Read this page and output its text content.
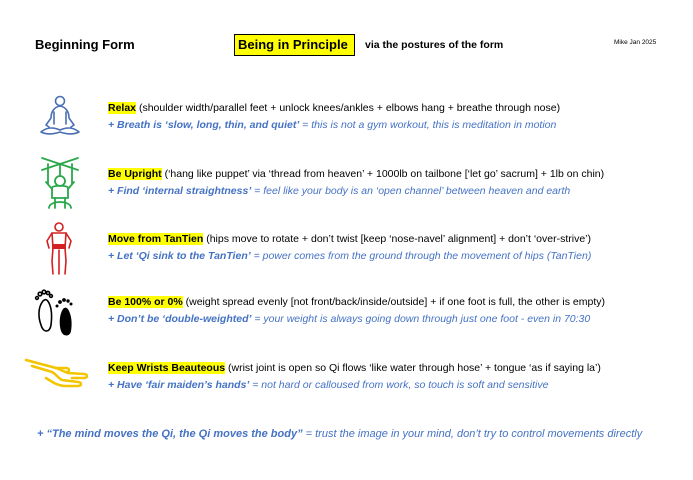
Beginning Form	Being in Principle	via the postures of the form	Mike Jan 2025
Relax (shoulder width/parallel feet + unlock knees/ankles + elbows hang + breathe through nose)
+ Breath is ‘slow, long, thin, and quiet’ = this is not a gym workout, this is meditation in motion
Be Upright (‘hang like puppet’ via ‘thread from heaven’ + 1000lb on tailbone [‘let go’ sacrum] + 1lb on chin)
+ Find ‘internal straightness’ = feel like your body is an ‘open channel’ between heaven and earth
Move from TanTien (hips move to rotate + don’t twist [keep ‘nose-navel’ alignment] + don’t ‘over-strive’)
+ Let ‘Qi sink to the TanTien’ = power comes from the ground through the movement of hips (TanTien)
Be 100% or 0% (weight spread evenly [not front/back/inside/outside] + if one foot is full, the other is empty)
+ Don’t be ‘double-weighted’ = your weight is always going down through just one foot - even in 70:30
Keep Wrists Beauteous (wrist joint is open so Qi flows ‘like water through hose’ + tongue ‘as if saying la’)
+ Have ‘fair maiden’s hands’ = not hard or calloused from work, so touch is soft and sensitive
+ “The mind moves the Qi, the Qi moves the body” = trust the image in your mind, don’t try to control movements directly
